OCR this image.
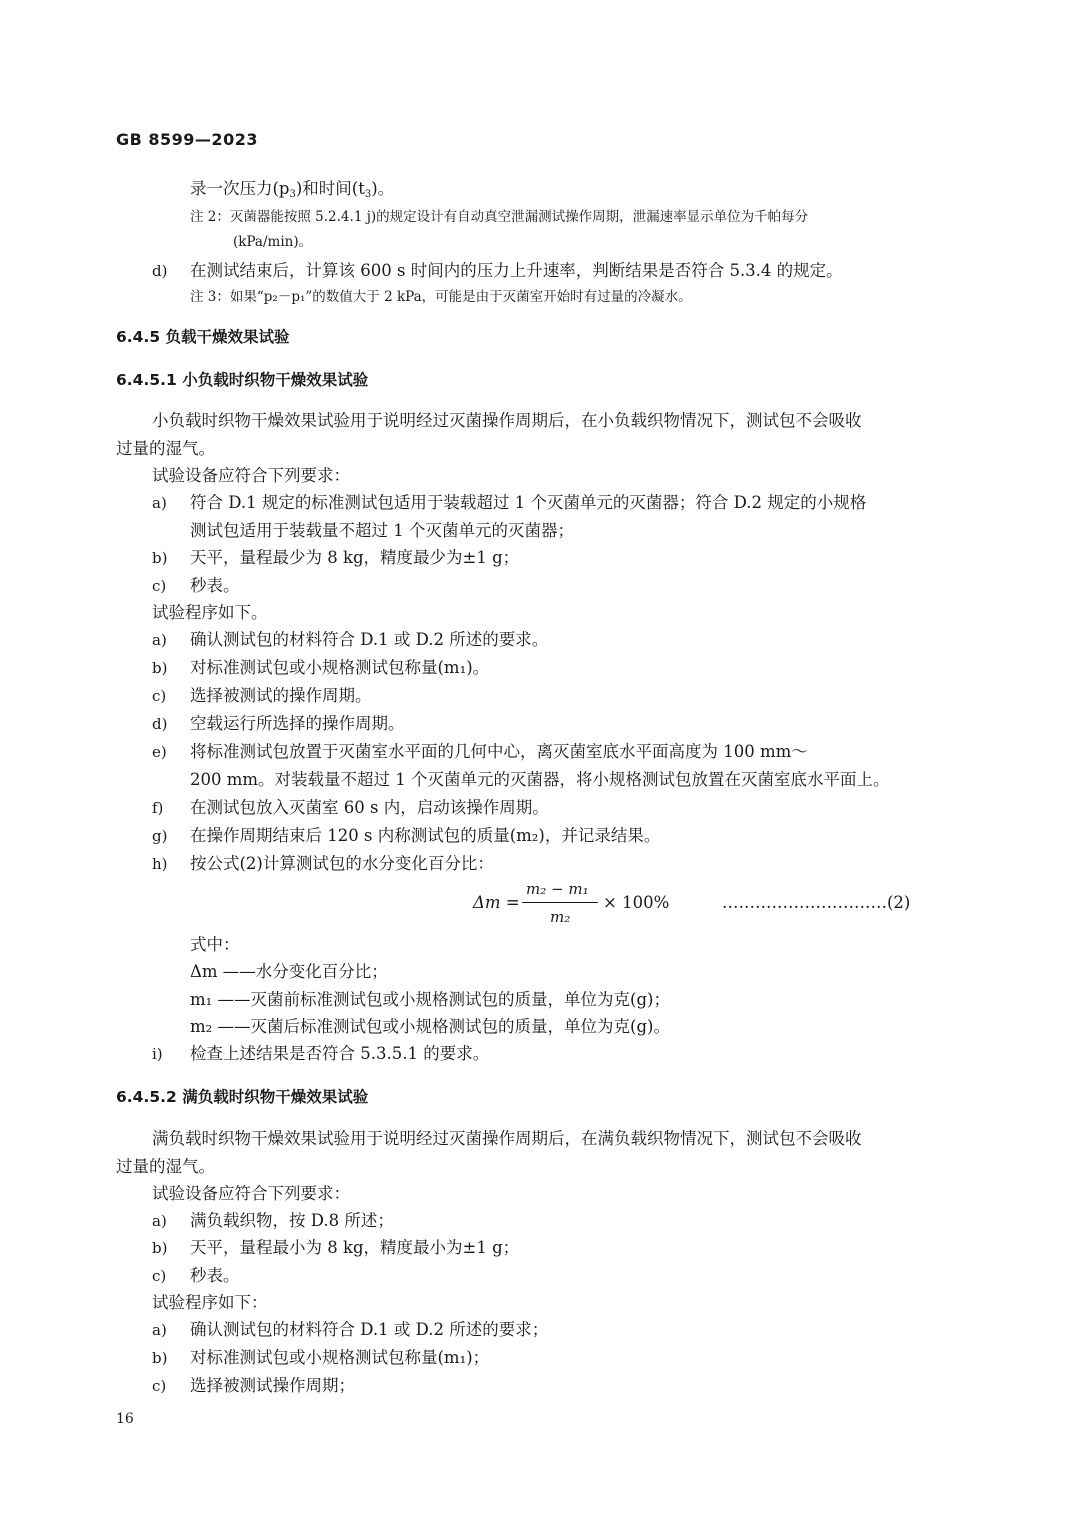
GB 8599—2023
录一次压力$(p_3)$和时间$(t_3)$。
注 2：灭菌器能按照 5.2.4.1 j)的规定设计有自动真空泄漏测试操作周期，泄漏速率显示单位为千帕每分
(kPa/min)。
d) 在测试结束后，计算该 600 s 时间内的压力上升速率，判断结果是否符合 5.3.4 的规定。
注 3：如果“p₂－p₁”的数值大于 2 kPa，可能是由于灭菌室开始时有过量的冷凝水。
6.4.5 负载干燥效果试验
6.4.5.1 小负载时织物干燥效果试验
小负载时织物干燥效果试验用于说明经过灭菌操作周期后，在小负载织物情况下，测试包不会吸收
过量的湿气。
试验设备应符合下列要求：
a) 符合 D.1 规定的标准测试包适用于装载超过 1 个灭菌单元的灭菌器；符合 D.2 规定的小规格
测试包适用于装载量不超过 1 个灭菌单元的灭菌器；
b) 天平，量程最少为 8 kg，精度最少为±1 g；
c) 秒表。
试验程序如下。
a) 确认测试包的材料符合 D.1 或 D.2 所述的要求。
b) 对标准测试包或小规格测试包称量(m₁)。
c) 选择被测试的操作周期。
d) 空载运行所选择的操作周期。
e) 将标准测试包放置于灭菌室水平面的几何中心，离灭菌室底水平面高度为 100 mm～
200 mm。对装载量不超过 1 个灭菌单元的灭菌器，将小规格测试包放置在灭菌室底水平面上。
f) 在测试包放入灭菌室 60 s 内，启动该操作周期。
g) 在操作周期结束后 120 s 内称测试包的质量(m₂)，并记录结果。
h) 按公式(2)计算测试包的水分变化百分比：
Δm =
m₂ − m₁
m₂
× 100%	…………………………(2)
式中：
Δm ——水分变化百分比；
m₁ ——灭菌前标准测试包或小规格测试包的质量，单位为克(g)；
m₂ ——灭菌后标准测试包或小规格测试包的质量，单位为克(g)。
i) 检查上述结果是否符合 5.3.5.1 的要求。
6.4.5.2 满负载时织物干燥效果试验
满负载时织物干燥效果试验用于说明经过灭菌操作周期后，在满负载织物情况下，测试包不会吸收
过量的湿气。
试验设备应符合下列要求：
a) 满负载织物，按 D.8 所述；
b) 天平，量程最小为 8 kg，精度最小为±1 g；
c) 秒表。
试验程序如下：
a) 确认测试包的材料符合 D.1 或 D.2 所述的要求；
b) 对标准测试包或小规格测试包称量(m₁)；
c) 选择被测试操作周期；
16
